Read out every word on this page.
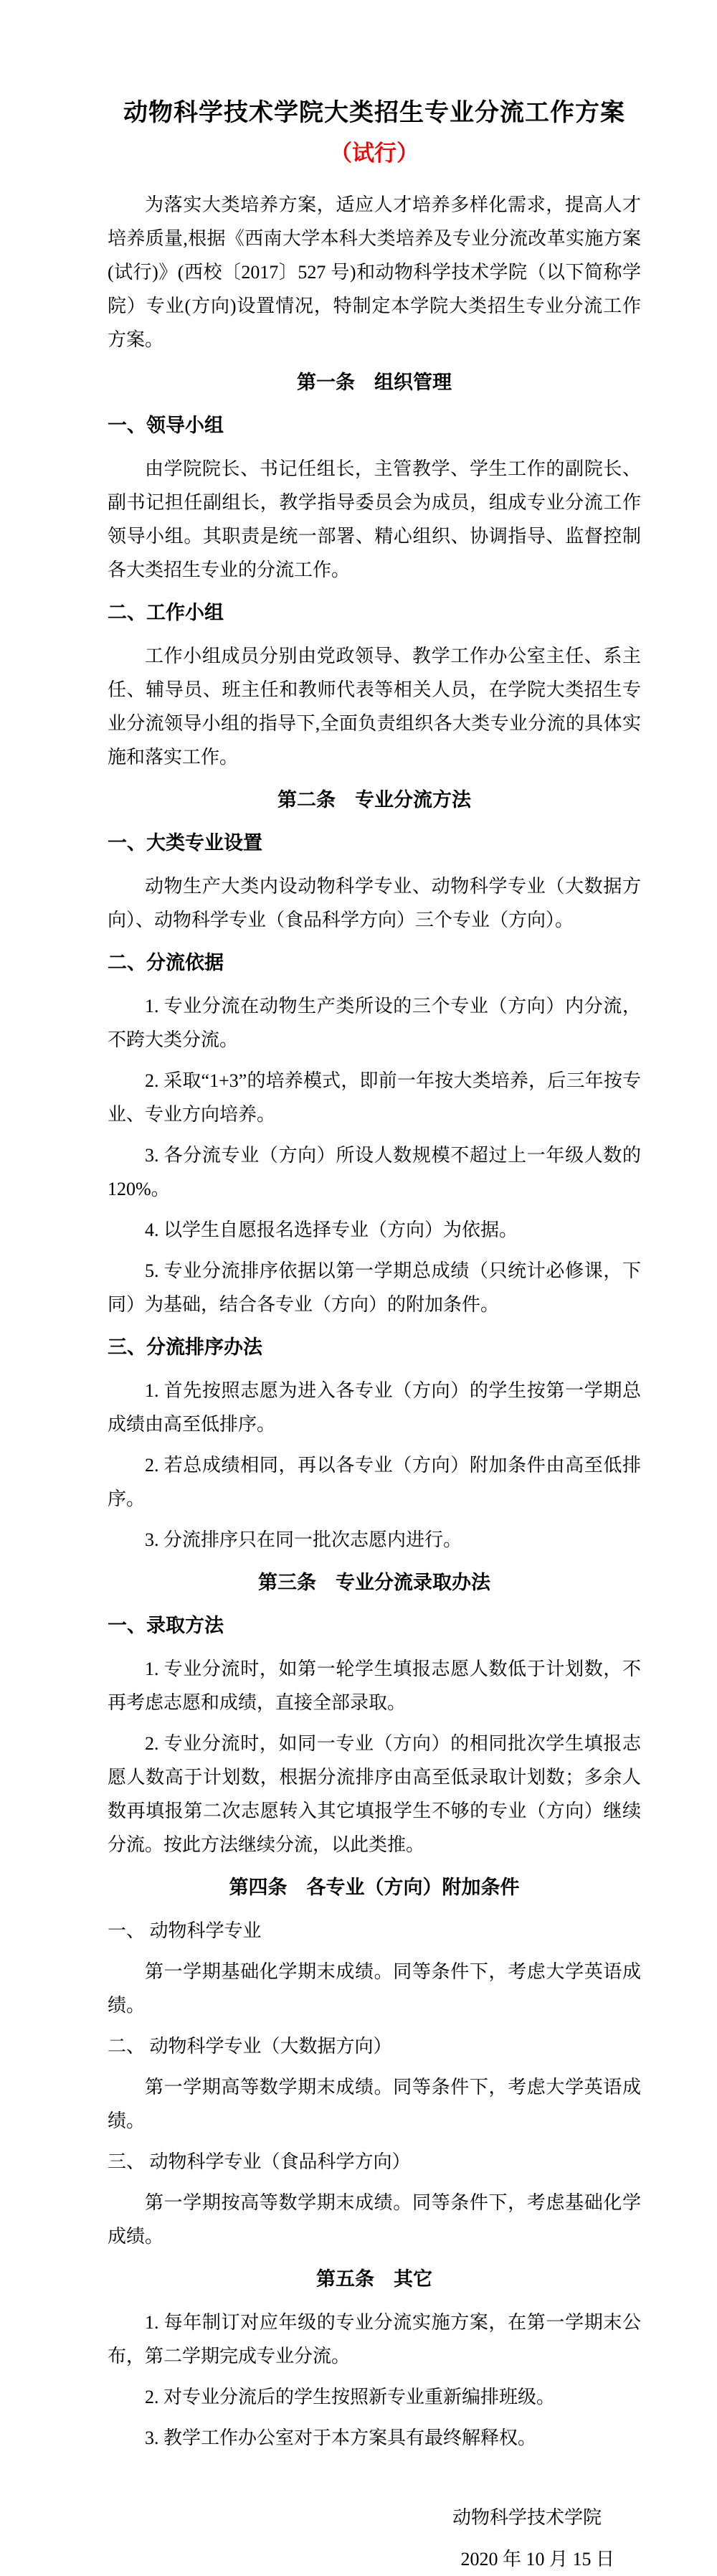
动物科学技术学院大类招生专业分流工作方案
（试行）
为落实大类培养方案，适应人才培养多样化需求，提高人才培养质量,根据《西南大学本科大类培养及专业分流改革实施方案(试行)》(西校〔2017〕527 号)和动物科学技术学院（以下简称学院）专业(方向)设置情况，特制定本学院大类招生专业分流工作方案。
第一条　组织管理
一、领导小组
由学院院长、书记任组长，主管教学、学生工作的副院长、副书记担任副组长，教学指导委员会为成员，组成专业分流工作领导小组。其职责是统一部署、精心组织、协调指导、监督控制各大类招生专业的分流工作。
二、工作小组
工作小组成员分别由党政领导、教学工作办公室主任、系主任、辅导员、班主任和教师代表等相关人员，在学院大类招生专业分流领导小组的指导下,全面负责组织各大类专业分流的具体实施和落实工作。
第二条　专业分流方法
一、大类专业设置
动物生产大类内设动物科学专业、动物科学专业（大数据方向）、动物科学专业（食品科学方向）三个专业（方向）。
二、分流依据
1. 专业分流在动物生产类所设的三个专业（方向）内分流，不跨大类分流。
2. 采取“1+3”的培养模式，即前一年按大类培养，后三年按专业、专业方向培养。
3. 各分流专业（方向）所设人数规模不超过上一年级人数的 120%。
4. 以学生自愿报名选择专业（方向）为依据。
5. 专业分流排序依据以第一学期总成绩（只统计必修课，下同）为基础，结合各专业（方向）的附加条件。
三、分流排序办法
1. 首先按照志愿为进入各专业（方向）的学生按第一学期总成绩由高至低排序。
2. 若总成绩相同，再以各专业（方向）附加条件由高至低排序。
3. 分流排序只在同一批次志愿内进行。
第三条　专业分流录取办法
一、录取方法
1. 专业分流时，如第一轮学生填报志愿人数低于计划数，不再考虑志愿和成绩，直接全部录取。
2. 专业分流时，如同一专业（方向）的相同批次学生填报志愿人数高于计划数，根据分流排序由高至低录取计划数；多余人数再填报第二次志愿转入其它填报学生不够的专业（方向）继续分流。按此方法继续分流，以此类推。
第四条　各专业（方向）附加条件
一、 动物科学专业
第一学期基础化学期末成绩。同等条件下，考虑大学英语成绩。
二、 动物科学专业（大数据方向）
第一学期高等数学期末成绩。同等条件下，考虑大学英语成绩。
三、 动物科学专业（食品科学方向）
第一学期按高等数学期末成绩。同等条件下，考虑基础化学成绩。
第五条　其它
1. 每年制订对应年级的专业分流实施方案，在第一学期末公布，第二学期完成专业分流。
2. 对专业分流后的学生按照新专业重新编排班级。
3. 教学工作办公室对于本方案具有最终解释权。
动物科学技术学院
2020 年 10 月 15 日
